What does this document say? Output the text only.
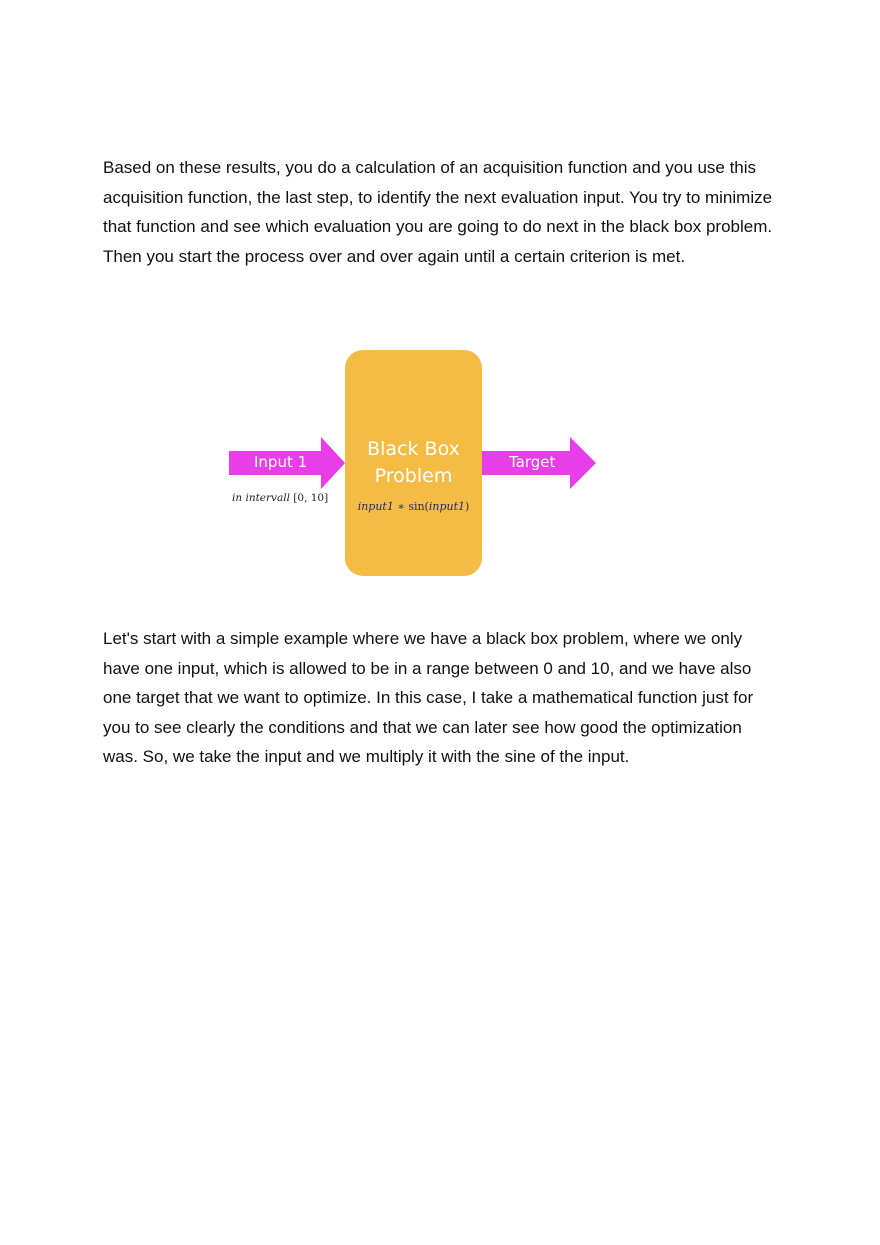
Based on these results, you do a calculation of an acquisition function and you use this acquisition function, the last step, to identify the next evaluation input. You try to minimize that function and see which evaluation you are going to do next in the black box problem. Then you start the process over and over again until a certain criterion is met.

Input 1
in intervall [0, 10]
Black Box
Problem
input1 ∗ sin(input1)
Target

Let's start with a simple example where we have a black box problem, where we only have one input, which is allowed to be in a range between 0 and 10, and we have also one target that we want to optimize. In this case, I take a mathematical function just for you to see clearly the conditions and that we can later see how good the optimization was. So, we take the input and we multiply it with the sine of the input.
